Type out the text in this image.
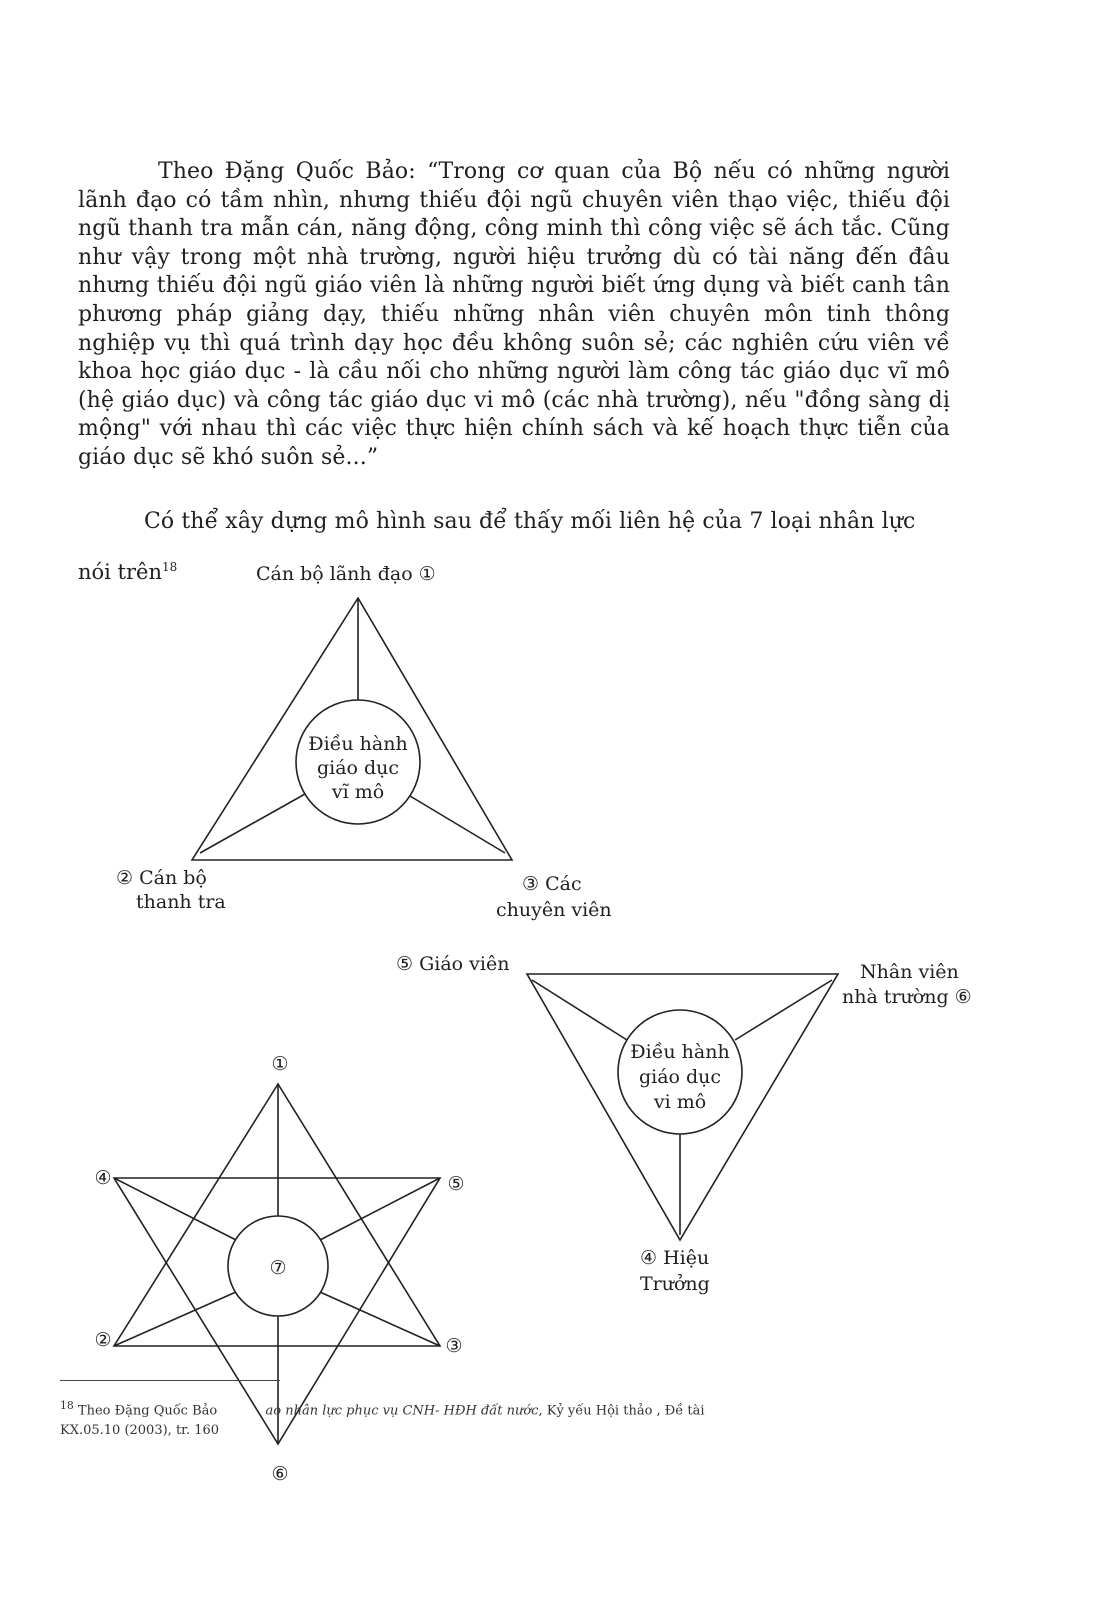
Theo Đặng Quốc Bảo: “Trong cơ quan của Bộ nếu có những người lãnh đạo có tầm nhìn, nhưng thiếu đội ngũ chuyên viên thạo việc, thiếu đội ngũ thanh tra mẫn cán, năng động, công minh thì công việc sẽ ách tắc. Cũng như vậy trong một nhà trường, người hiệu trưởng dù có tài năng đến đâu nhưng thiếu đội ngũ giáo viên là những người biết ứng dụng và biết canh tân phương pháp giảng dạy, thiếu những nhân viên chuyên môn tinh thông nghiệp vụ thì quá trình dạy học đều không suôn sẻ; các nghiên cứu viên về khoa học giáo dục - là cầu nối cho những người làm công tác giáo dục vĩ mô (hệ giáo dục) và công tác giáo dục vi mô (các nhà trường), nếu "đồng sàng dị mộng" với nhau thì các việc thực hiện chính sách và kế hoạch thực tiễn của giáo dục sẽ khó suôn sẻ...”
Có thể xây dựng mô hình sau để thấy mối liên hệ của 7 loại nhân lực
nói trên$^{18}$
Điều hành
giáo dục
vĩ mô
Điều hành
giáo dục
vi mô
①
④	⑤
②	③
⑥
⑦
Cán bộ lãnh đạo ①
② Cán bộ
thanh tra
③ Các
chuyên viên
⑤ Giáo viên	Nhân viên
nhà trường ⑥
④ Hiệu
Trưởng
$^{18}$ Theo Đặng Quốc Bảo	ao nhân lực phục vụ CNH- HĐH đất nước, Kỷ yếu Hội thảo , Đề tài
KX.05.10 (2003), tr. 160
